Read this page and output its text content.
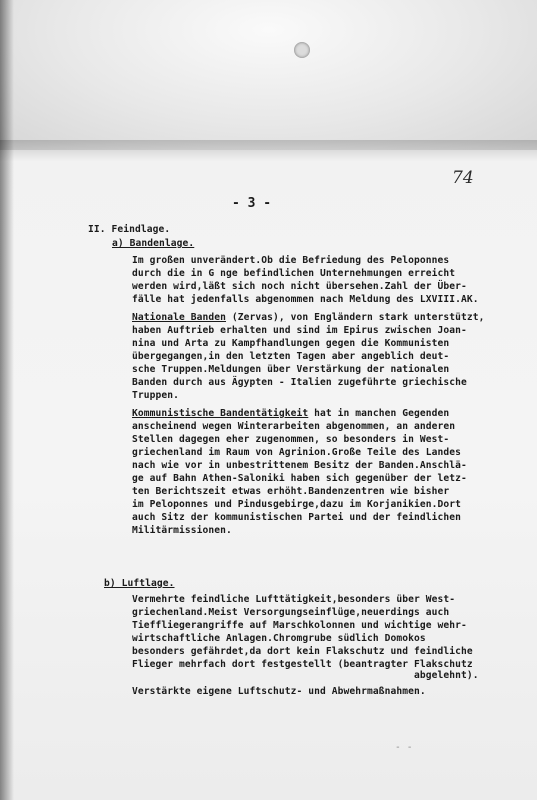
74
- 3 -
II. Feindlage.
a) Bandenlage.
Im großen unverändert.Ob die Befriedung des Peloponnes
durch die in G nge befindlichen Unternehmungen erreicht
werden wird,läßt sich noch nicht übersehen.Zahl der Über-
fälle hat jedenfalls abgenommen nach Meldung des LXVIII.AK.
Nationale Banden (Zervas), von Engländern stark unterstützt,
haben Auftrieb erhalten und sind im Epirus zwischen Joan-
nina und Arta zu Kampfhandlungen gegen die Kommunisten
übergegangen,in den letzten Tagen aber angeblich deut-
sche Truppen.Meldungen über Verstärkung der nationalen
Banden durch aus Ägypten - Italien zugeführte griechische
Truppen.
Kommunistische Bandentätigkeit hat in manchen Gegenden
anscheinend wegen Winterarbeiten abgenommen, an anderen
Stellen dagegen eher zugenommen, so besonders in West-
griechenland im Raum von Agrinion.Große Teile des Landes
nach wie vor in unbestrittenem Besitz der Banden.Anschlä-
ge auf Bahn Athen-Saloniki haben sich gegenüber der letz-
ten Berichtszeit etwas erhöht.Bandenzentren wie bisher
im Peloponnes und Pindusgebirge,dazu im Korjanikien.Dort
auch Sitz der kommunistischen Partei und der feindlichen
Militärmissionen.
b) Luftlage.
Vermehrte feindliche Lufttätigkeit,besonders über West-
griechenland.Meist Versorgungseinflüge,neuerdings auch
Tieffliegerangriffe auf Marschkolonnen und wichtige wehr-
wirtschaftliche Anlagen.Chromgrube südlich Domokos
besonders gefährdet,da dort kein Flakschutz und feindliche
Flieger mehrfach dort festgestellt (beantragter Flakschutz
abgelehnt).
Verstärkte eigene Luftschutz- und Abwehrmaßnahmen.
- -
